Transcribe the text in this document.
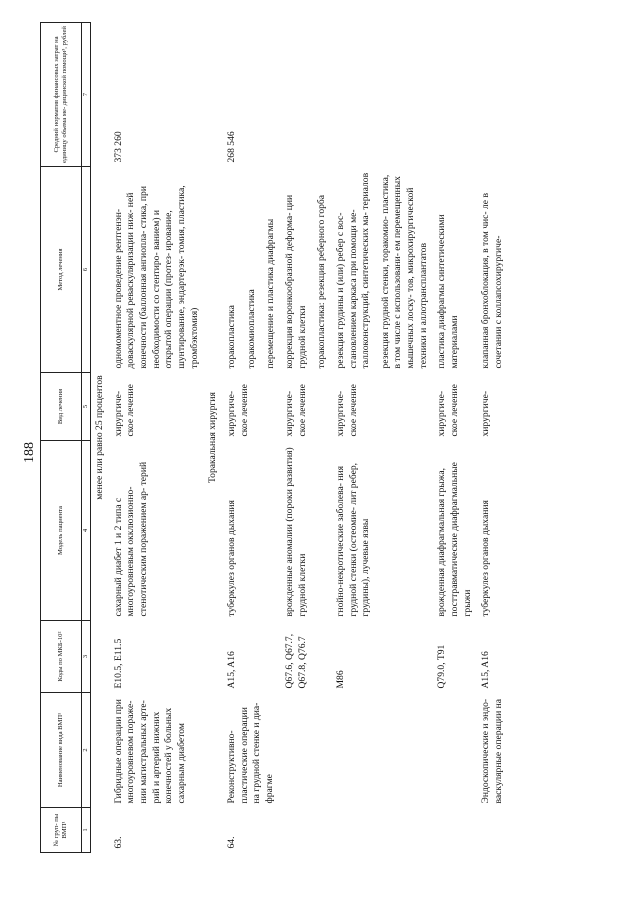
188
№ груп- пы ВМП¹	Наименование вида ВМП¹	Коды по МКБ-10²	Модель пациента	Вид лечения	Метод лечения	Средний норматив финансовых затрат на единицу объема ме- дицинской помощи³, рублей
1	2	3	4	5	6	7
менее или равно 25 процентов						
63.	Гибридные операции при многоуровневом пораже- нии магистральных арте- рий и артерий нижних конечностей у больных сахарным диабетом	E10.5, E11.5	сахарный диабет 1 и 2 типа с многоуровневым окклюзионно- стенотическим поражением ар- терий	хирургиче- ское лечение	одномоментное проведение рентгенэн- доваскулярной реваскуляризации ниж- ней конечности (баллонная ангиопла- стика, при необходимости со стентиро- ванием) и открытой операции (протез- ирование, шунтирование, эндартерэк- томия, пластика, тромбэктомия)	373 260
Торакальная хирургия						
64.	Реконструктивно- пластические операции на грудной стенке и диа- фрагме	A15, A16	туберкулез органов дыхания	хирургиче- ское лечение	торакопластика торакомиопластика перемещение и пластика диафрагмы	268 546
		Q67.6, Q67.7, Q67.8, Q76.7	врожденные аномалии (пороки развития) грудной клетки	хирургиче- ское лечение	коррекция воронкообразной деформа- ции грудной клетки торакопластика: резекция реберного горба	

		M86	гнойно-некротические заболева- ния грудной стенки (остеомие- лит ребер, грудины), лучевые язвы	хирургиче- ское лечение	резекция грудины и (или) ребер с вос- становлением каркаса при помощи ме- таллоконструкций, синтетических ма- териалов резекция грудной стенки, торакомио- пластика, в том числе с использовани- ем перемещенных мышечных лоску- тов, микрохирургической техники и аллотрансплантатов	

		Q79.0, T91	врожденная диафрагмальная грыжа, посттравматические диафрагмальные грыжи	хирургиче- ское лечение	пластика диафрагмы синтетическими материалами	
	Эндоскопические и эндо- васкулярные операции на	A15, A16	туберкулез органов дыхания	хирургиче-	клапанная бронхоблокация, в том чис- ле в сочетании с коллапсохирургиче-	
